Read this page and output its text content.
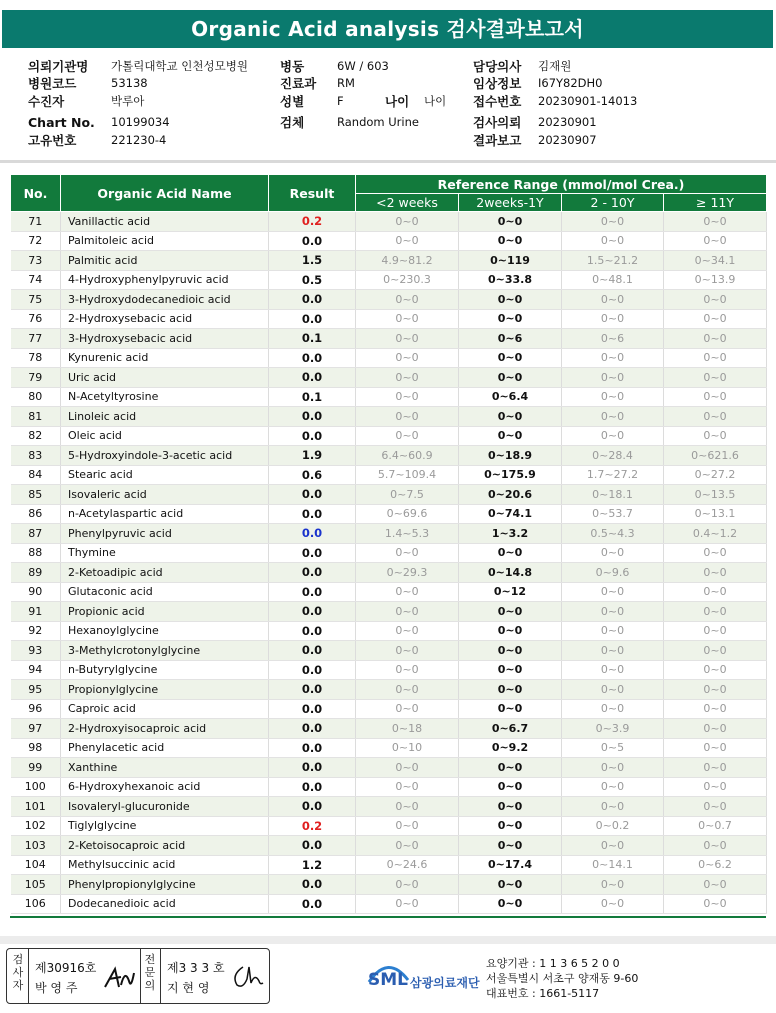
Organic Acid analysis 검사결과보고서
의뢰기관명 가톨릭대학교 인천성모병원
병원코드	53138
수진자	박루아
Chart No. 10199034
고유번호	221230-4
병동	6W / 603
진료과 RM
성별	F	나이 나이
검체	Random Urine
담당의사 김재원
임상정보 I67Y82DH0
접수번호 20230901-14013
검사의뢰 20230901
결과보고 20230907
No.	Organic Acid Name	Result	Reference Range (mmol/mol Crea.)			
			<2 weeks	2weeks-1Y	2 - 10Y	≥ 11Y
71	Vanillactic acid	0.2	0~0	0~0	0~0	0~0
72	Palmitoleic acid	0.0	0~0	0~0	0~0	0~0
73	Palmitic acid	1.5	4.9~81.2	0~119	1.5~21.2	0~34.1
74	4-Hydroxyphenylpyruvic acid	0.5	0~230.3	0~33.8	0~48.1	0~13.9
75	3-Hydroxydodecanedioic acid	0.0	0~0	0~0	0~0	0~0
76	2-Hydroxysebacic acid	0.0	0~0	0~0	0~0	0~0
77	3-Hydroxysebacic acid	0.1	0~0	0~6	0~6	0~0
78	Kynurenic acid	0.0	0~0	0~0	0~0	0~0
79	Uric acid	0.0	0~0	0~0	0~0	0~0
80	N-Acetyltyrosine	0.1	0~0	0~6.4	0~0	0~0
81	Linoleic acid	0.0	0~0	0~0	0~0	0~0
82	Oleic acid	0.0	0~0	0~0	0~0	0~0
83	5-Hydroxyindole-3-acetic acid	1.9	6.4~60.9	0~18.9	0~28.4	0~621.6
84	Stearic acid	0.6	5.7~109.4	0~175.9	1.7~27.2	0~27.2
85	Isovaleric acid	0.0	0~7.5	0~20.6	0~18.1	0~13.5
86	n-Acetylaspartic acid	0.0	0~69.6	0~74.1	0~53.7	0~13.1
87	Phenylpyruvic acid	0.0	1.4~5.3	1~3.2	0.5~4.3	0.4~1.2
88	Thymine	0.0	0~0	0~0	0~0	0~0
89	2-Ketoadipic acid	0.0	0~29.3	0~14.8	0~9.6	0~0
90	Glutaconic acid	0.0	0~0	0~12	0~0	0~0
91	Propionic acid	0.0	0~0	0~0	0~0	0~0
92	Hexanoylglycine	0.0	0~0	0~0	0~0	0~0
93	3-Methylcrotonylglycine	0.0	0~0	0~0	0~0	0~0
94	n-Butyrylglycine	0.0	0~0	0~0	0~0	0~0
95	Propionylglycine	0.0	0~0	0~0	0~0	0~0
96	Caproic acid	0.0	0~0	0~0	0~0	0~0
97	2-Hydroxyisocaproic acid	0.0	0~18	0~6.7	0~3.9	0~0
98	Phenylacetic acid	0.0	0~10	0~9.2	0~5	0~0
99	Xanthine	0.0	0~0	0~0	0~0	0~0
100	6-Hydroxyhexanoic acid	0.0	0~0	0~0	0~0	0~0
101	Isovaleryl-glucuronide	0.0	0~0	0~0	0~0	0~0
102	Tiglylglycine	0.2	0~0	0~0	0~0.2	0~0.7
103	2-Ketoisocaproic acid	0.0	0~0	0~0	0~0	0~0
104	Methylsuccinic acid	1.2	0~24.6	0~17.4	0~14.1	0~6.2
105	Phenylpropionylglycine	0.0	0~0	0~0	0~0	0~0
106	Dodecanedioic acid	0.0	0~0	0~0	0~0	0~0
검사자
제30916호
박 영 주
전문의
제3 3 3 호
지 현 영	SML 삼광의료재단
요양기관 : 1 1 3 6 5 2 0 0
서울특별시 서초구 양재동 9-60
대표번호 : 1661-5117
